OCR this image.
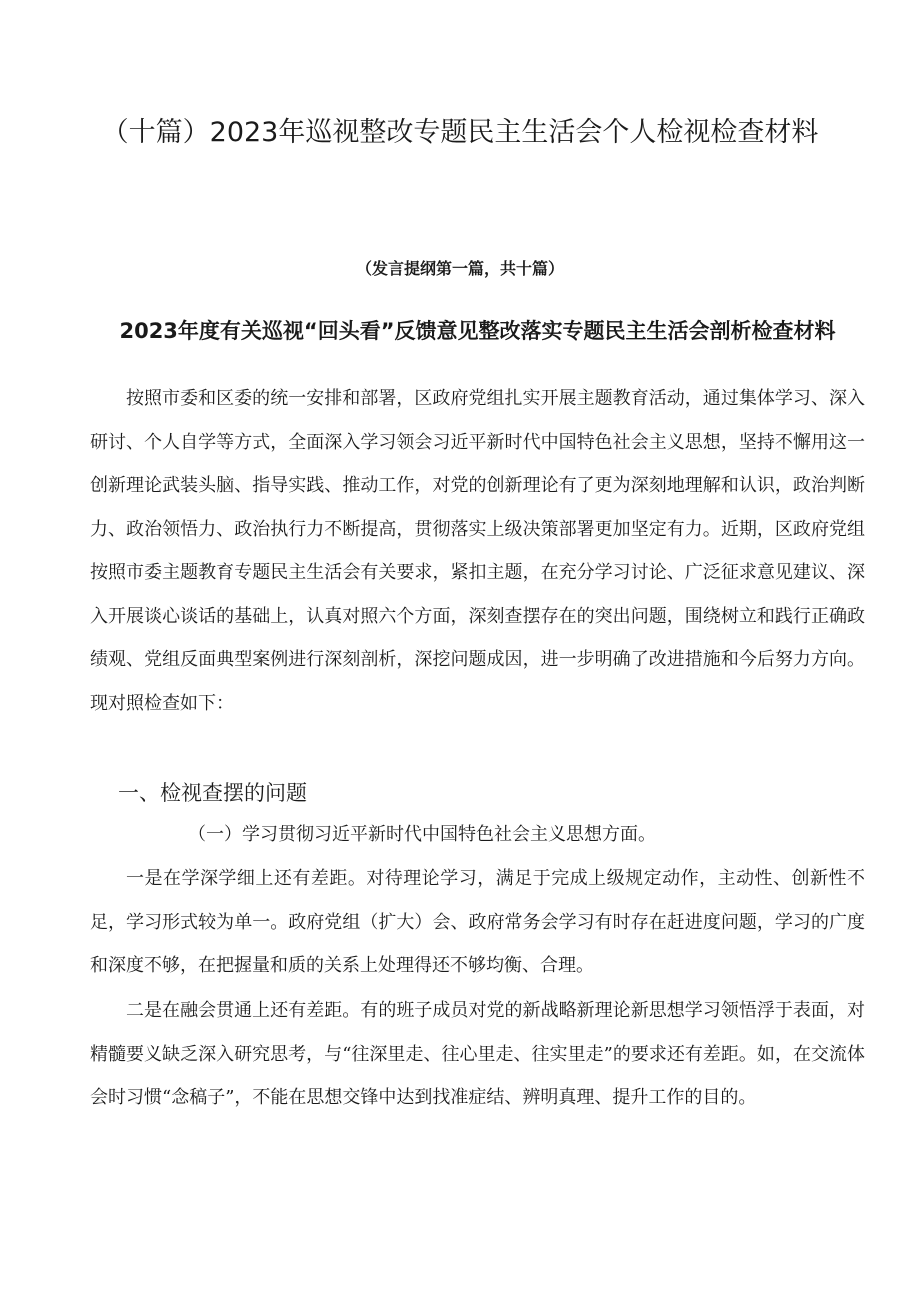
（十篇）2023年巡视整改专题民主生活会个人检视检查材料
（发言提纲第一篇，共十篇）
2023年度有关巡视“回头看”反馈意见整改落实专题民主生活会剖析检查材料

按照市委和区委的统一安排和部署，区政府党组扎实开展主题教育活动，通过集体学习、深入研讨、个人自学等方式，全面深入学习领会习近平新时代中国特色社会主义思想，坚持不懈用这一创新理论武装头脑、指导实践、推动工作，对党的创新理论有了更为深刻地理解和认识，政治判断力、政治领悟力、政治执行力不断提高，贯彻落实上级决策部署更加坚定有力。近期，区政府党组按照市委主题教育专题民主生活会有关要求，紧扣主题，在充分学习讨论、广泛征求意见建议、深入开展谈心谈话的基础上，认真对照六个方面，深刻查摆存在的突出问题，围绕树立和践行正确政绩观、党组反面典型案例进行深刻剖析，深挖问题成因，进一步明确了改进措施和今后努力方向。现对照检查如下：

一、检视查摆的问题
（一）学习贯彻习近平新时代中国特色社会主义思想方面。

一是在学深学细上还有差距。对待理论学习，满足于完成上级规定动作，主动性、创新性不足，学习形式较为单一。政府党组（扩大）会、政府常务会学习有时存在赶进度问题，学习的广度和深度不够，在把握量和质的关系上处理得还不够均衡、合理。

二是在融会贯通上还有差距。有的班子成员对党的新战略新理论新思想学习领悟浮于表面，对精髓要义缺乏深入研究思考，与“往深里走、往心里走、往实里走”的要求还有差距。如，在交流体会时习惯“念稿子”，不能在思想交锋中达到找准症结、辨明真理、提升工作的目的。
